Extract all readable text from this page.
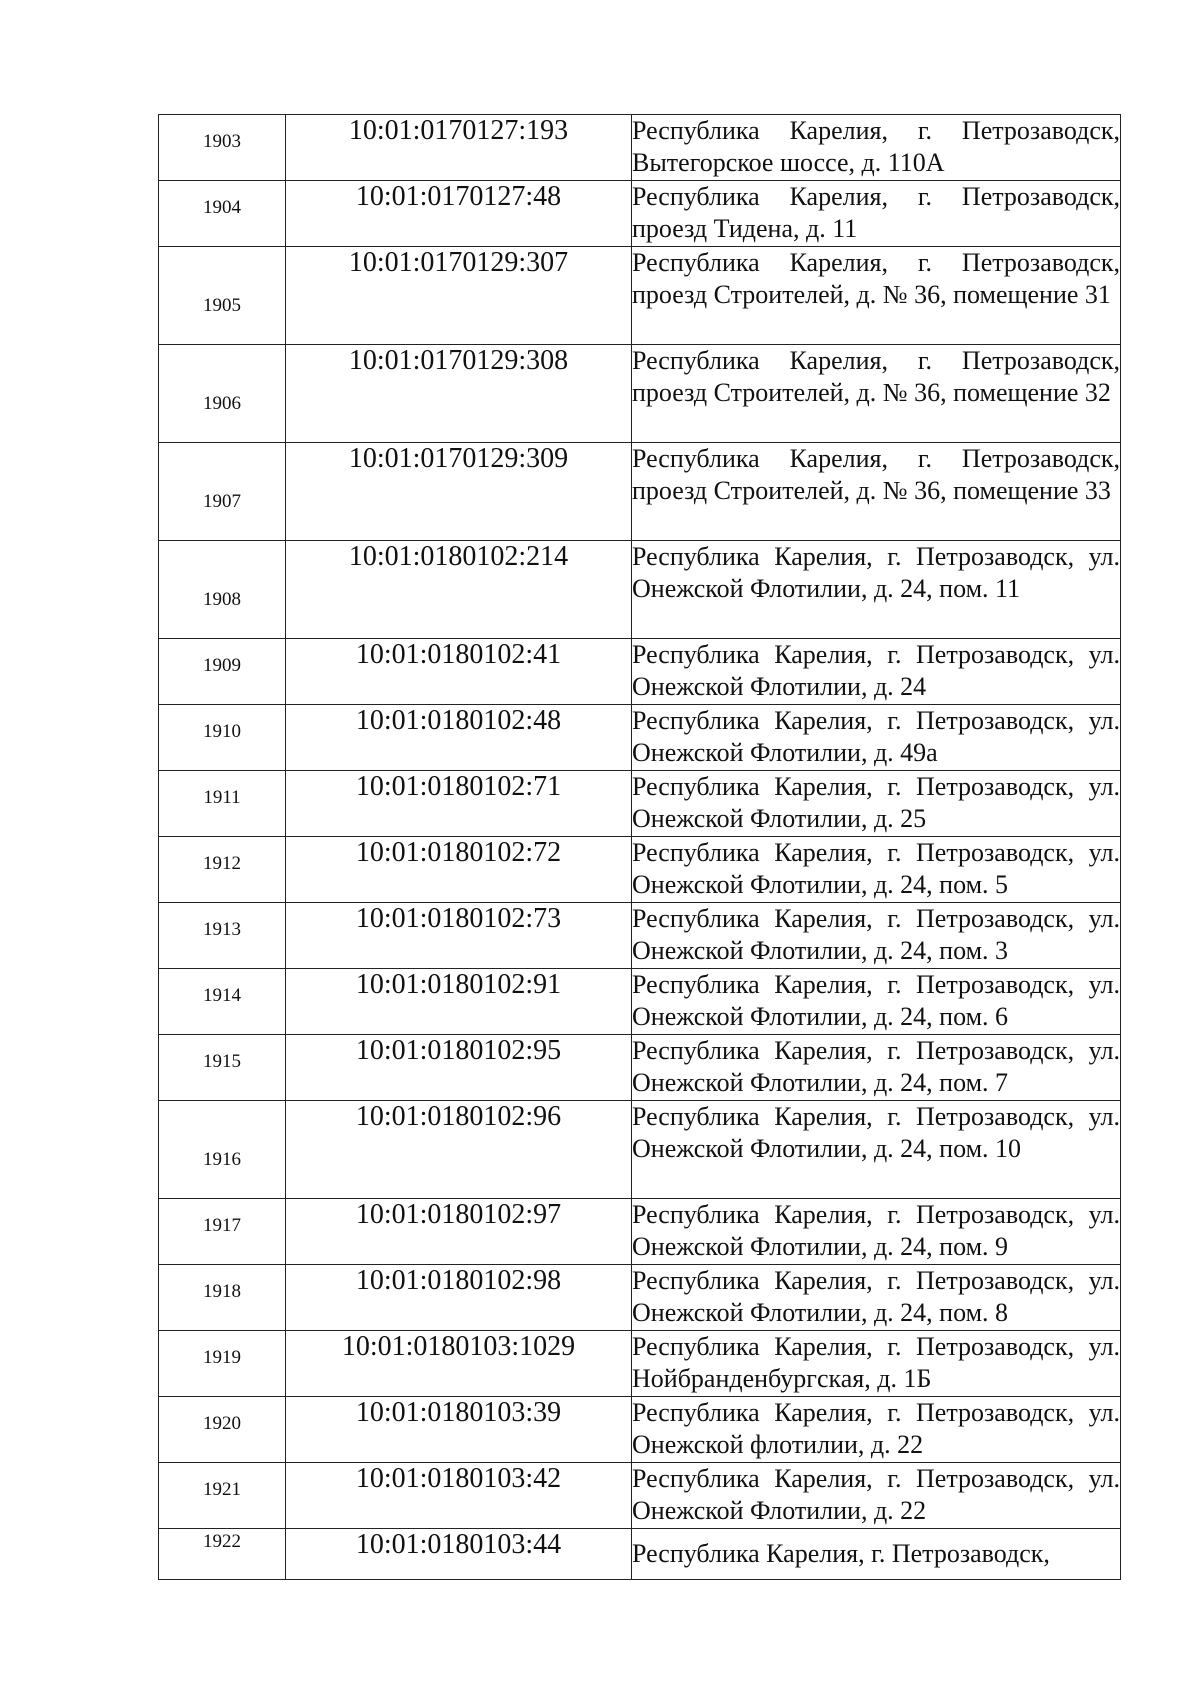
1903	10:01:0170127:193	Республика Карелия, г. Петрозаводск, Вытегорское шоссе, д. 110А

1904	10:01:0170127:48	Республика Карелия, г. Петрозаводск, проезд Тидена, д. 11

1905	10:01:0170129:307	Республика Карелия, г. Петрозаводск, проезд Строителей, д. № 36, помещение 31

1906	10:01:0170129:308	Республика Карелия, г. Петрозаводск, проезд Строителей, д. № 36, помещение 32

1907	10:01:0170129:309	Республика Карелия, г. Петрозаводск, проезд Строителей, д. № 36, помещение 33

1908	10:01:0180102:214	Республика Карелия, г. Петрозаводск, ул. Онежской Флотилии, д. 24, пом. 11

1909	10:01:0180102:41	Республика Карелия, г. Петрозаводск, ул. Онежской Флотилии, д. 24

1910	10:01:0180102:48	Республика Карелия, г. Петрозаводск, ул. Онежской Флотилии, д. 49а

1911	10:01:0180102:71	Республика Карелия, г. Петрозаводск, ул. Онежской Флотилии, д. 25

1912	10:01:0180102:72	Республика Карелия, г. Петрозаводск, ул. Онежской Флотилии, д. 24, пом. 5

1913	10:01:0180102:73	Республика Карелия, г. Петрозаводск, ул. Онежской Флотилии, д. 24, пом. 3

1914	10:01:0180102:91	Республика Карелия, г. Петрозаводск, ул. Онежской Флотилии, д. 24, пом. 6

1915	10:01:0180102:95	Республика Карелия, г. Петрозаводск, ул. Онежской Флотилии, д. 24, пом. 7

1916	10:01:0180102:96	Республика Карелия, г. Петрозаводск, ул. Онежской Флотилии, д. 24, пом. 10

1917	10:01:0180102:97	Республика Карелия, г. Петрозаводск, ул. Онежской Флотилии, д. 24, пом. 9

1918	10:01:0180102:98	Республика Карелия, г. Петрозаводск, ул. Онежской Флотилии, д. 24, пом. 8

1919	10:01:0180103:1029	Республика Карелия, г. Петрозаводск, ул. Нойбранденбургская, д. 1Б

1920	10:01:0180103:39	Республика Карелия, г. Петрозаводск, ул. Онежской флотилии, д. 22

1921	10:01:0180103:42	Республика Карелия, г. Петрозаводск, ул. Онежской Флотилии, д. 22

1922	10:01:0180103:44	Республика Карелия, г. Петрозаводск,
